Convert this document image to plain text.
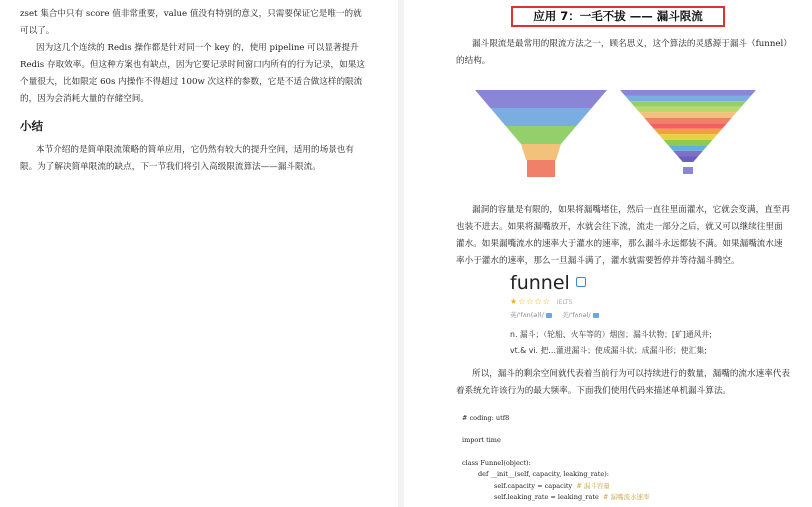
zset 集合中只有 score 值非常重要，value 值没有特别的意义，只需要保证它是唯一的就可以了。

因为这几个连续的 Redis 操作都是针对同一个 key 的，使用 pipeline 可以显著提升 Redis 存取效率。但这种方案也有缺点，因为它要记录时间窗口内所有的行为记录，如果这个量很大，比如限定 60s 内操作不得超过 100w 次这样的参数，它是不适合做这样的限流的，因为会消耗大量的存储空间。

小结

本节介绍的是简单限流策略的简单应用，它仍然有较大的提升空间，适用的场景也有限。为了解决简单限流的缺点，下一节我们将引入高级限流算法——漏斗限流。

应用 7：一毛不拔 —— 漏斗限流

漏斗限流是最常用的限流方法之一，顾名思义，这个算法的灵感源于漏斗（funnel）的结构。

漏洞的容量是有限的，如果将漏嘴堵住，然后一直往里面灌水，它就会变满，直至再也装不进去。如果将漏嘴放开，水就会往下流，流走一部分之后，就又可以继续往里面灌水。如果漏嘴流水的速率大于灌水的速率，那么漏斗永远都装不满。如果漏嘴流水速率小于灌水的速率，那么一旦漏斗满了，灌水就需要暂停并等待漏斗腾空。

funnel
★☆☆☆☆ IELTS
英/'fʌn(ə)l/	美/'fʌnəl/
n. 漏斗；（轮船、火车等的）烟囱；漏斗状物；[矿]通风井;
vt.& vi. 把…灌进漏斗；使成漏斗状；成漏斗形；使汇集;

所以，漏斗的剩余空间就代表着当前行为可以持续进行的数量，漏嘴的流水速率代表着系统允许该行为的最大频率。下面我们使用代码来描述单机漏斗算法。

# coding: utf8
import time
class Funnel(object):
def __init__(self, capacity, leaking_rate):
self.capacity = capacity # 漏斗容量
self.leaking_rate = leaking_rate # 漏嘴流水速率
